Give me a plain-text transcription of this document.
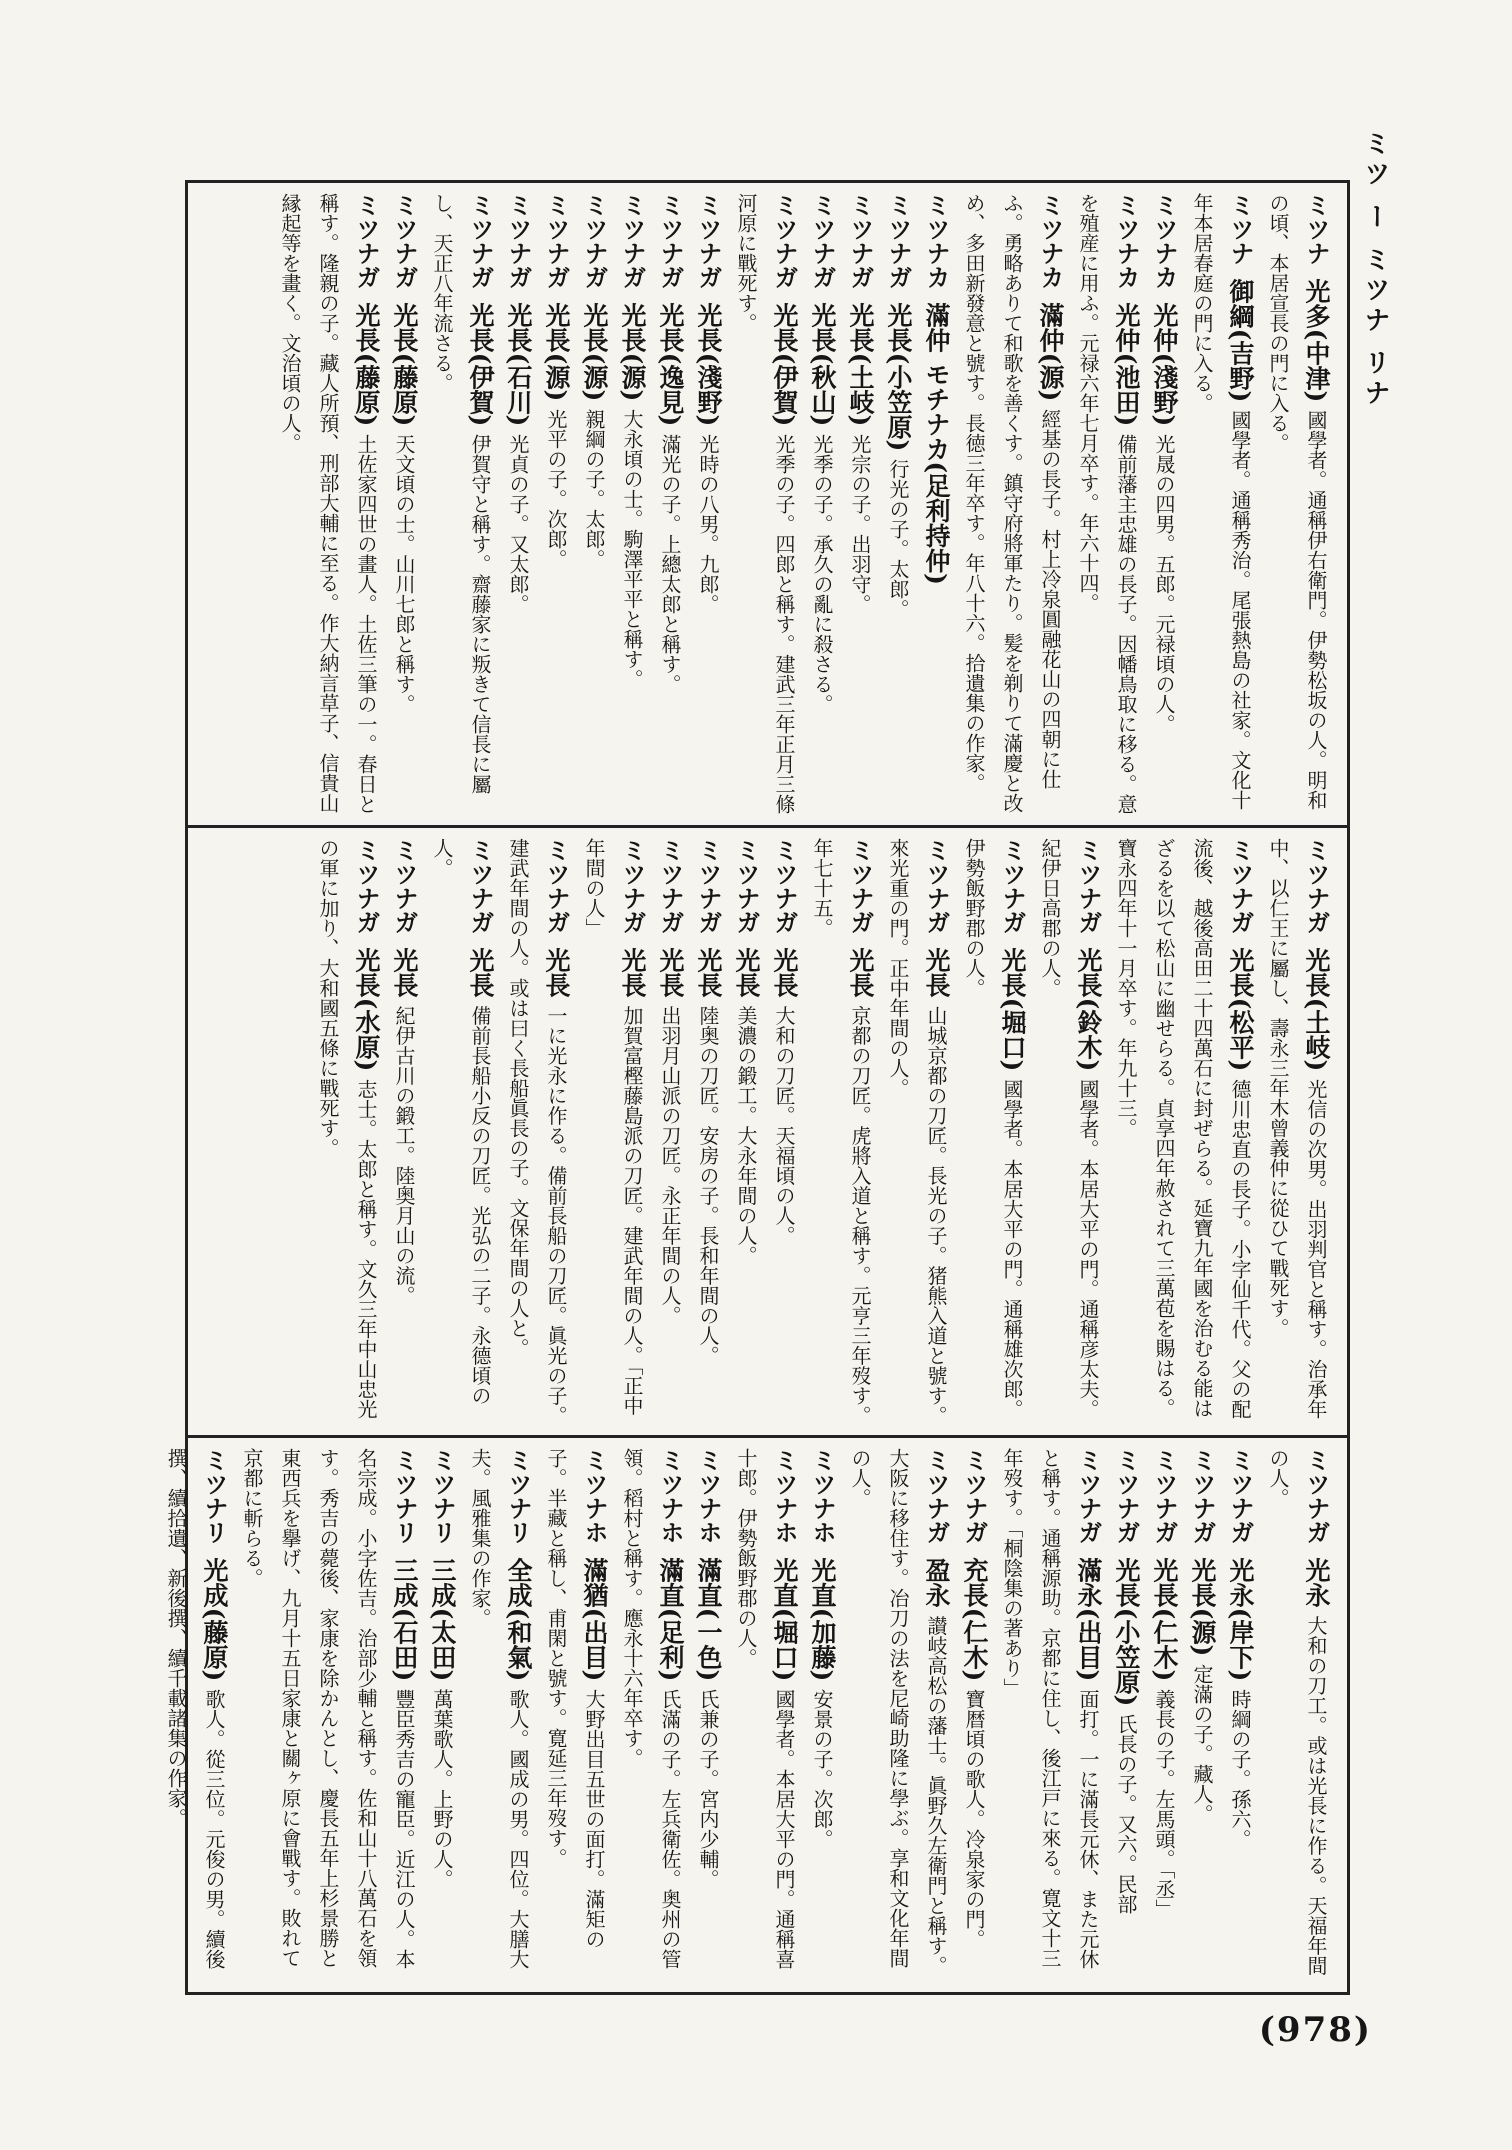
ミツ ー ミツナ リナ

ミツナ 光多(中津) 國學者。通稱伊右衛門。伊勢松坂の人。明和の頃、本居宣長の門に入る。

ミツナ 御綱(吉野) 國學者。通稱秀治。尾張熱島の社家。文化十年本居春庭の門に入る。

ミツナカ 光仲(淺野) 光晟の四男。五郎。元禄頃の人。

ミツナカ 光仲(池田) 備前藩主忠雄の長子。因幡鳥取に移る。意を殖産に用ふ。元禄六年七月卒す。年六十四。

ミツナカ 滿仲(源) 經基の長子。村上冷泉圓融花山の四朝に仕ふ。勇略ありて和歌を善くす。鎮守府將軍たり。髪を剃りて滿慶と改め、多田新發意と號す。長徳三年卒す。年八十六。拾遺集の作家。

ミツナカ 滿仲 モチナカ(足利持仲)

ミツナガ 光長(小笠原) 行光の子。太郎。

ミツナガ 光長(土岐) 光宗の子。出羽守。

ミツナガ 光長(秋山) 光季の子。承久の亂に殺さる。

ミツナガ 光長(伊賀) 光季の子。四郎と稱す。建武三年正月三條河原に戰死す。

ミツナガ 光長(淺野) 光時の八男。九郎。

ミツナガ 光長(逸見) 滿光の子。上總太郎と稱す。

ミツナガ 光長(源) 大永頃の士。駒澤平平と稱す。

ミツナガ 光長(源) 親綱の子。太郎。

ミツナガ 光長(源) 光平の子。次郎。

ミツナガ 光長(石川) 光貞の子。又太郎。

ミツナガ 光長(伊賀) 伊賀守と稱す。齋藤家に叛きて信長に屬し、天正八年流さる。

ミツナガ 光長(藤原) 天文頃の士。山川七郎と稱す。

ミツナガ 光長(藤原) 土佐家四世の畫人。土佐三筆の一。春日と稱す。隆親の子。藏人所預、刑部大輔に至る。作大納言草子、信貴山縁起等を畫く。文治頃の人。

ミツナガ 光長(土岐) 光信の次男。出羽判官と稱す。治承年中、以仁王に屬し、壽永三年木曾義仲に從ひて戰死す。

ミツナガ 光長(松平) 德川忠直の長子。小字仙千代。父の配流後、越後高田二十四萬石に封ぜらる。延寶九年國を治むる能はざるを以て松山に幽せらる。貞享四年赦されて三萬苞を賜はる。寶永四年十一月卒す。年九十三。

ミツナガ 光長(鈴木) 國學者。本居大平の門。通稱彦太夫。紀伊日高郡の人。

ミツナガ 光長(堀口) 國學者。本居大平の門。通稱雄次郎。伊勢飯野郡の人。

ミツナガ 光長 山城京都の刀匠。長光の子。猪熊入道と號す。來光重の門。正中年間の人。

ミツナガ 光長 京都の刀匠。虎將入道と稱す。元亨三年歿す。年七十五。

ミツナガ 光長 大和の刀匠。天福頃の人。

ミツナガ 光長 美濃の鍛工。大永年間の人。

ミツナガ 光長 陸奥の刀匠。安房の子。長和年間の人。

ミツナガ 光長 出羽月山派の刀匠。永正年間の人。

ミツナガ 光長 加賀富樫藤島派の刀匠。建武年間の人。「正中年間の人」

ミツナガ 光長 一に光永に作る。備前長船の刀匠。眞光の子。建武年間の人。或は曰く長船眞長の子。文保年間の人と。

ミツナガ 光長 備前長船小反の刀匠。光弘の二子。永德頃の人。

ミツナガ 光長 紀伊古川の鍛工。陸奥月山の流。

ミツナガ 光長(水原) 志士。太郎と稱す。文久三年中山忠光の軍に加り、大和國五條に戰死す。

ミツナガ 光永 大和の刀工。或は光長に作る。天福年間の人。

ミツナガ 光永(岸下) 時綱の子。孫六。

ミツナガ 光長(源) 定滿の子。藏人。

ミツナガ 光長(仁木) 義長の子。左馬頭。「丞」

ミツナガ 光長(小笠原) 氏長の子。又六。民部

ミツナガ 滿永(出目) 面打。一に滿長元休、また元休と稱す。通稱源助。京都に住し、後江戸に來る。寛文十三年歿す。「桐陰集の著あり」

ミツナガ 充長(仁木) 寶暦頃の歌人。冷泉家の門。

ミツナガ 盈永 讃岐高松の藩士。眞野久左衛門と稱す。大阪に移住す。冶刀の法を尼崎助隆に學ぶ。享和文化年間の人。

ミツナホ 光直(加藤) 安景の子。次郎。

ミツナホ 光直(堀口) 國學者。本居大平の門。通稱喜十郎。伊勢飯野郡の人。

ミツナホ 滿直(一色) 氏兼の子。宮内少輔。

ミツナホ 滿直(足利) 氏滿の子。左兵衛佐。奥州の管領。稻村と稱す。應永十六年卒す。

ミツナホ 滿猶(出目) 大野出目五世の面打。滿矩の子。半藏と稱し、甫閑と號す。寛延三年歿す。

ミツナリ 全成(和氣) 歌人。國成の男。四位。大膳大夫。風雅集の作家。

ミツナリ 三成(太田) 萬葉歌人。上野の人。

ミツナリ 三成(石田) 豐臣秀吉の寵臣。近江の人。本名宗成。小字佐吉。治部少輔と稱す。佐和山十八萬石を領す。秀吉の薨後、家康を除かんとし、慶長五年上杉景勝と東西兵を擧げ、九月十五日家康と關ヶ原に會戰す。敗れて京都に斬らる。

ミツナリ 光成(藤原) 歌人。從三位。元俊の男。續後撰、續拾遺、新後撰、續千載諸集の作家。

(978)
